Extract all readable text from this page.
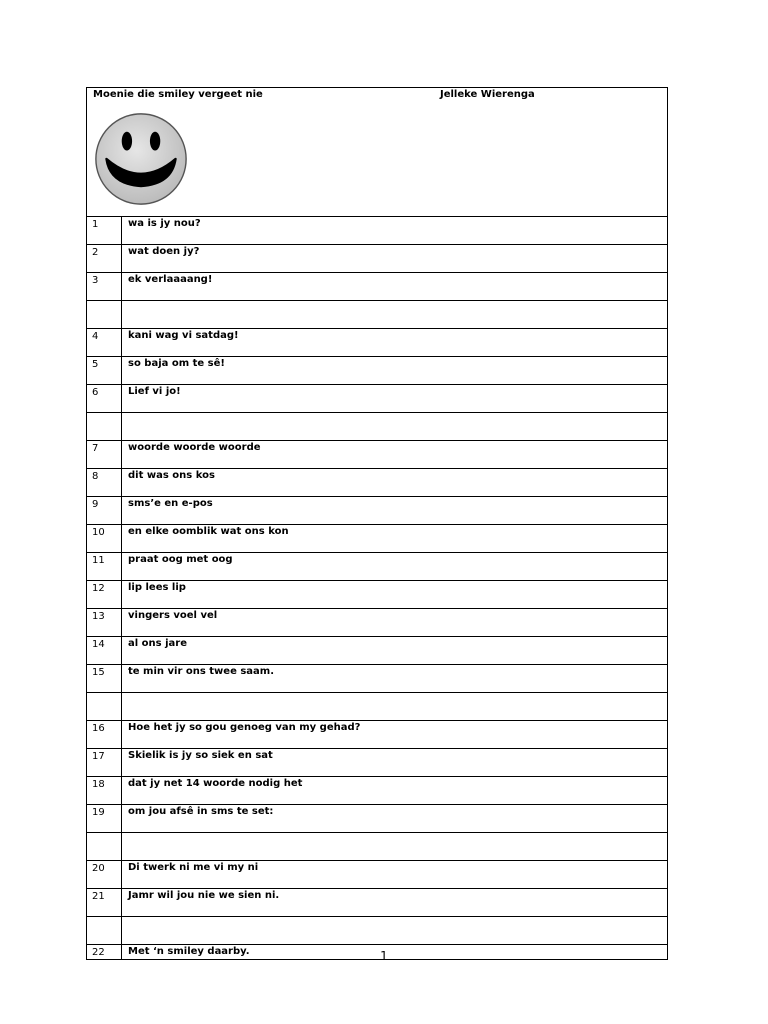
Moenie die smiley vergeet nie Jelleke Wierenga	

1	wa is jy nou?
2	wat doen jy?
3	ek verlaaaang!

4	kani wag vi satdag!
5	so baja om te sê!
6	Lief vi jo!

7	woorde woorde woorde
8	dit was ons kos
9	sms’e en e-pos
10	en elke oomblik wat ons kon
11	praat oog met oog
12	lip lees lip
13	vingers voel vel
14	al ons jare
15	te min vir ons twee saam.

16	Hoe het jy so gou genoeg van my gehad?
17	Skielik is jy so siek en sat
18	dat jy net 14 woorde nodig het
19	om jou afsê in sms te set:

20	Di twerk ni me vi my ni
21	Jamr wil jou nie we sien ni.

22	Met ‘n smiley daarby.	1
